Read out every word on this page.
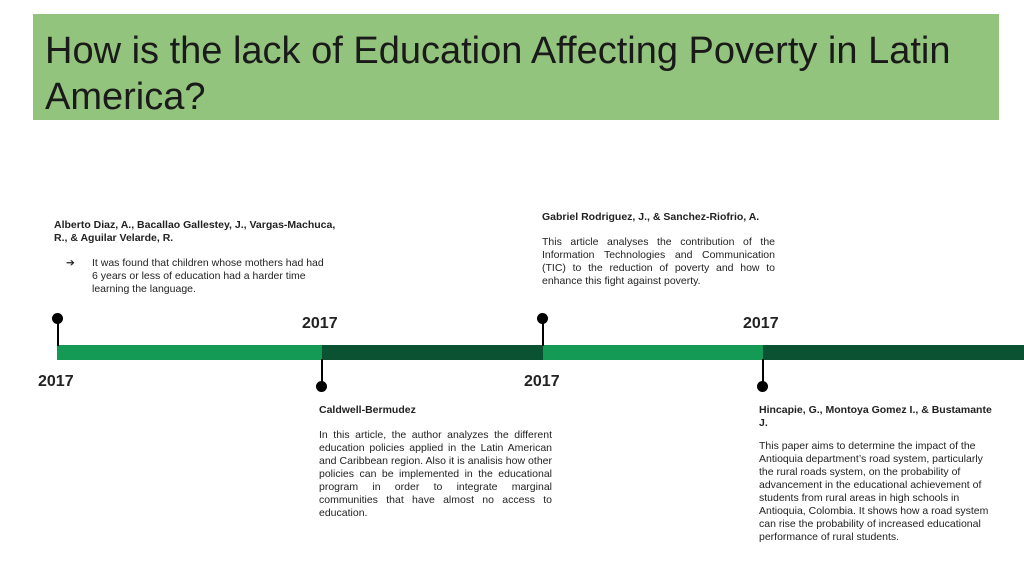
How is the lack of Education Affecting Poverty in Latin America?
2017
2017
2017
2017
Alberto Diaz, A., Bacallao Gallestey, J., Vargas-Machuca, R., & Aguilar Velarde, R.
➔	It was found that children whose mothers had had 6 years or less of education had a harder time learning the language.
Caldwell-Bermudez
In this article, the author analyzes the different education policies applied in the Latin American and Caribbean region. Also it is analisis how other policies can be implemented in the educational program in order to integrate marginal communities that have almost no access to education.
Gabriel Rodriguez, J., & Sanchez-Riofrio, A.
This article analyses the contribution of the Information Technologies and Communication (TIC) to the reduction of poverty and how to enhance this fight against poverty.
Hincapie, G., Montoya Gomez I., & Bustamante J.
This paper aims to determine the impact of the Antioquia department’s road system, particularly the rural roads system, on the probability of advancement in the educational achievement of students from rural areas in high schools in Antioquia, Colombia. It shows how a road system can rise the probability of increased educational performance of rural students.
